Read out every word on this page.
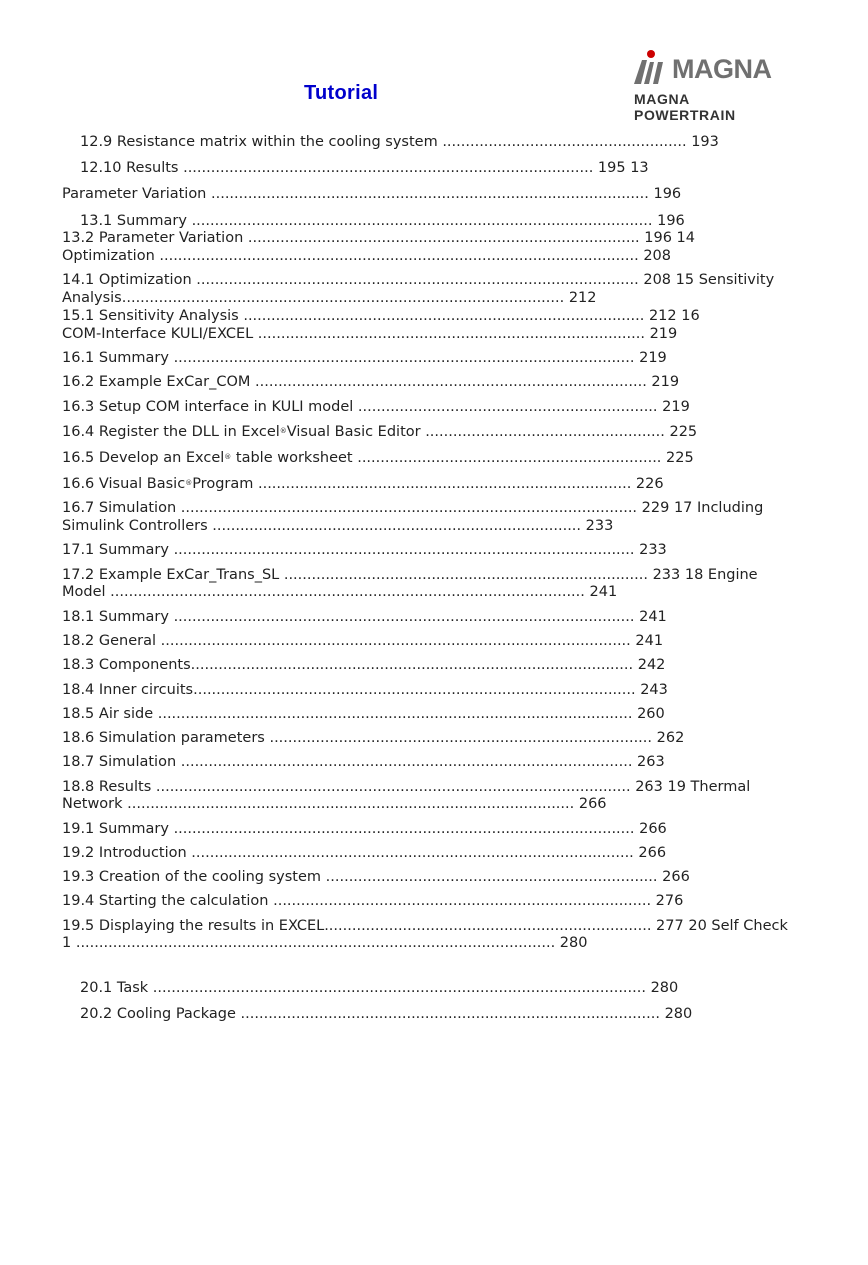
Tutorial
MAGNA
MAGNA POWERTRAIN
12.9 Resistance matrix within the cooling system ..................................................... 193
12.10 Results ......................................................................................... 195 13
Parameter Variation ............................................................................................... 196
13.1 Summary .................................................................................................... 196
13.2 Parameter Variation ..................................................................................... 196 14
Optimization ........................................................................................................ 208
14.1 Optimization ................................................................................................ 208 15 Sensitivity
Analysis................................................................................................ 212
15.1 Sensitivity Analysis ....................................................................................... 212 16
COM-Interface KULI/EXCEL .................................................................................... 219
16.1 Summary .................................................................................................... 219
16.2 Example ExCar_COM ..................................................................................... 219
16.3 Setup COM interface in KULI model ................................................................. 219
16.4 Register the DLL in Excel®Visual Basic Editor .................................................... 225
16.5 Develop an Excel® table worksheet .................................................................. 225
16.6 Visual Basic®Program ................................................................................. 226
16.7 Simulation ................................................................................................... 229 17 Including
Simulink Controllers ................................................................................ 233
17.1 Summary .................................................................................................... 233
17.2 Example ExCar_Trans_SL ............................................................................... 233 18 Engine
Model ....................................................................................................... 241
18.1 Summary .................................................................................................... 241
18.2 General ...................................................................................................... 241
18.3 Components................................................................................................ 242
18.4 Inner circuits................................................................................................ 243
18.5 Air side ....................................................................................................... 260
18.6 Simulation parameters ................................................................................... 262
18.7 Simulation .................................................................................................. 263
18.8 Results ....................................................................................................... 263 19 Thermal
Network ................................................................................................. 266
19.1 Summary .................................................................................................... 266
19.2 Introduction ................................................................................................ 266
19.3 Creation of the cooling system ........................................................................ 266
19.4 Starting the calculation .................................................................................. 276
19.5 Displaying the results in EXCEL....................................................................... 277 20 Self Check
1 ........................................................................................................ 280
20.1 Task ........................................................................................................... 280
20.2 Cooling Package ........................................................................................... 280
